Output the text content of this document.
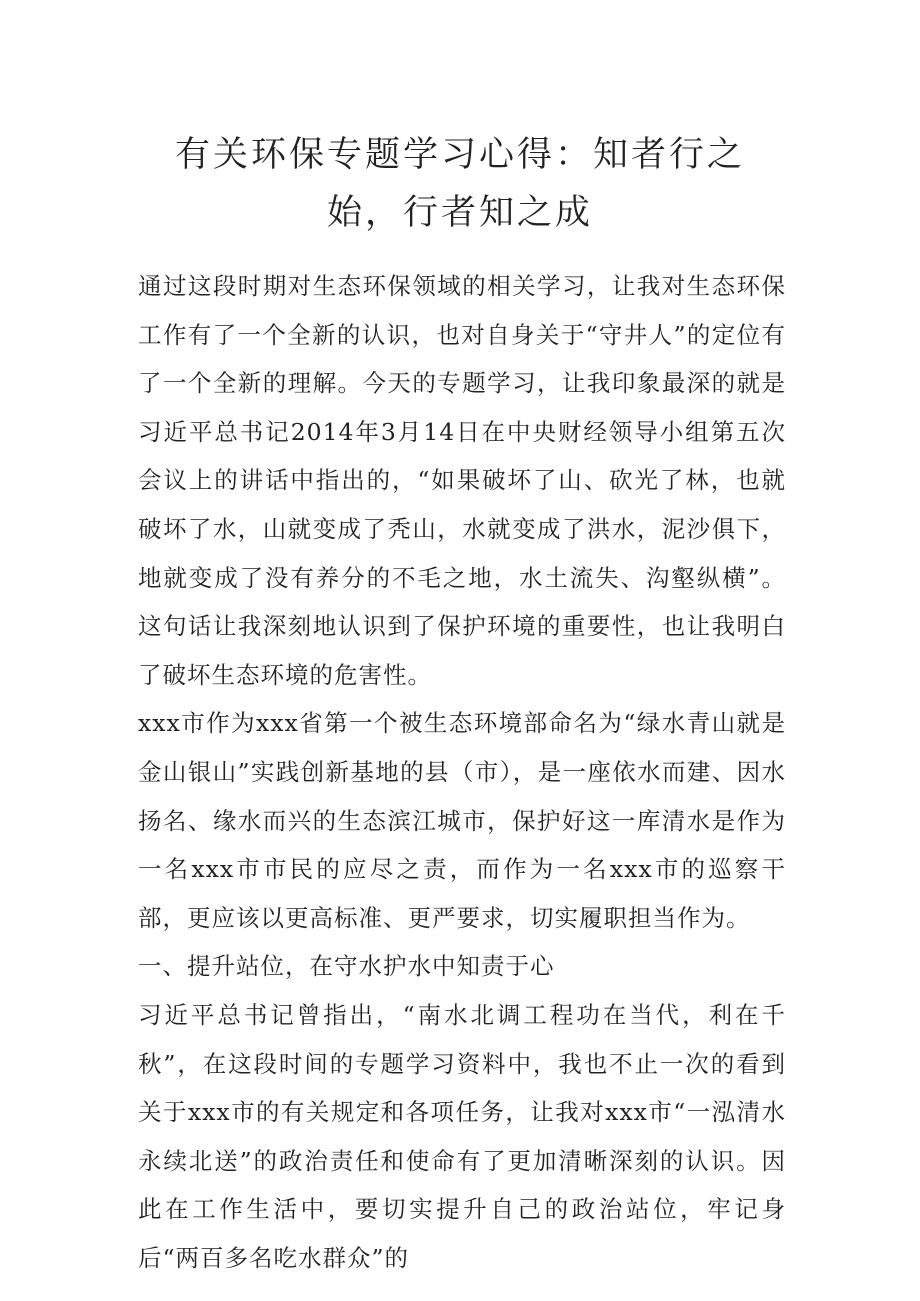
有关环保专题学习心得：知者行之始，行者知之成

通过这段时期对生态环保领域的相关学习，让我对生态环保工作有了一个全新的认识，也对自身关于“守井人”的定位有了一个全新的理解。今天的专题学习，让我印象最深的就是习近平总书记2014年3月14日在中央财经领导小组第五次会议上的讲话中指出的，“如果破坏了山、砍光了林，也就破坏了水，山就变成了秃山，水就变成了洪水，泥沙俱下，地就变成了没有养分的不毛之地，水土流失、沟壑纵横”。这句话让我深刻地认识到了保护环境的重要性，也让我明白了破坏生态环境的危害性。

xxx市作为xxx省第一个被生态环境部命名为“绿水青山就是金山银山”实践创新基地的县（市），是一座依水而建、因水扬名、缘水而兴的生态滨江城市，保护好这一库清水是作为一名xxx市市民的应尽之责，而作为一名xxx市的巡察干部，更应该以更高标准、更严要求，切实履职担当作为。

一、提升站位，在守水护水中知责于心

习近平总书记曾指出，“南水北调工程功在当代，利在千秋”，在这段时间的专题学习资料中，我也不止一次的看到关于xxx市的有关规定和各项任务，让我对xxx市“一泓清水永续北送”的政治责任和使命有了更加清晰深刻的认识。因此在工作生活中，要切实提升自己的政治站位，牢记身后“两百多名吃水群众”的
